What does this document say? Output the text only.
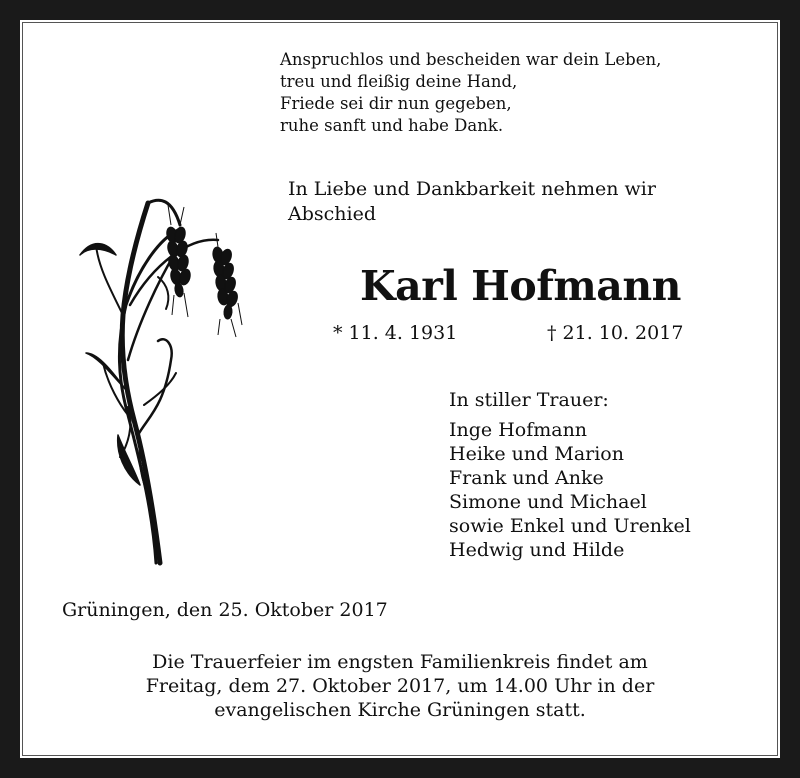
Anspruchlos und bescheiden war dein Leben,
treu und fleißig deine Hand,
Friede sei dir nun gegeben,
ruhe sanft und habe Dank.
In Liebe und Dankbarkeit nehmen wir
Abschied
Karl Hofmann
* 11. 4. 1931	† 21. 10. 2017
In stiller Trauer:
Inge Hofmann
Heike und Marion
Frank und Anke
Simone und Michael
sowie Enkel und Urenkel
Hedwig und Hilde
Grüningen, den 25. Oktober 2017
Die Trauerfeier im engsten Familienkreis findet am
Freitag, dem 27. Oktober 2017, um 14.00 Uhr in der
evangelischen Kirche Grüningen statt.
